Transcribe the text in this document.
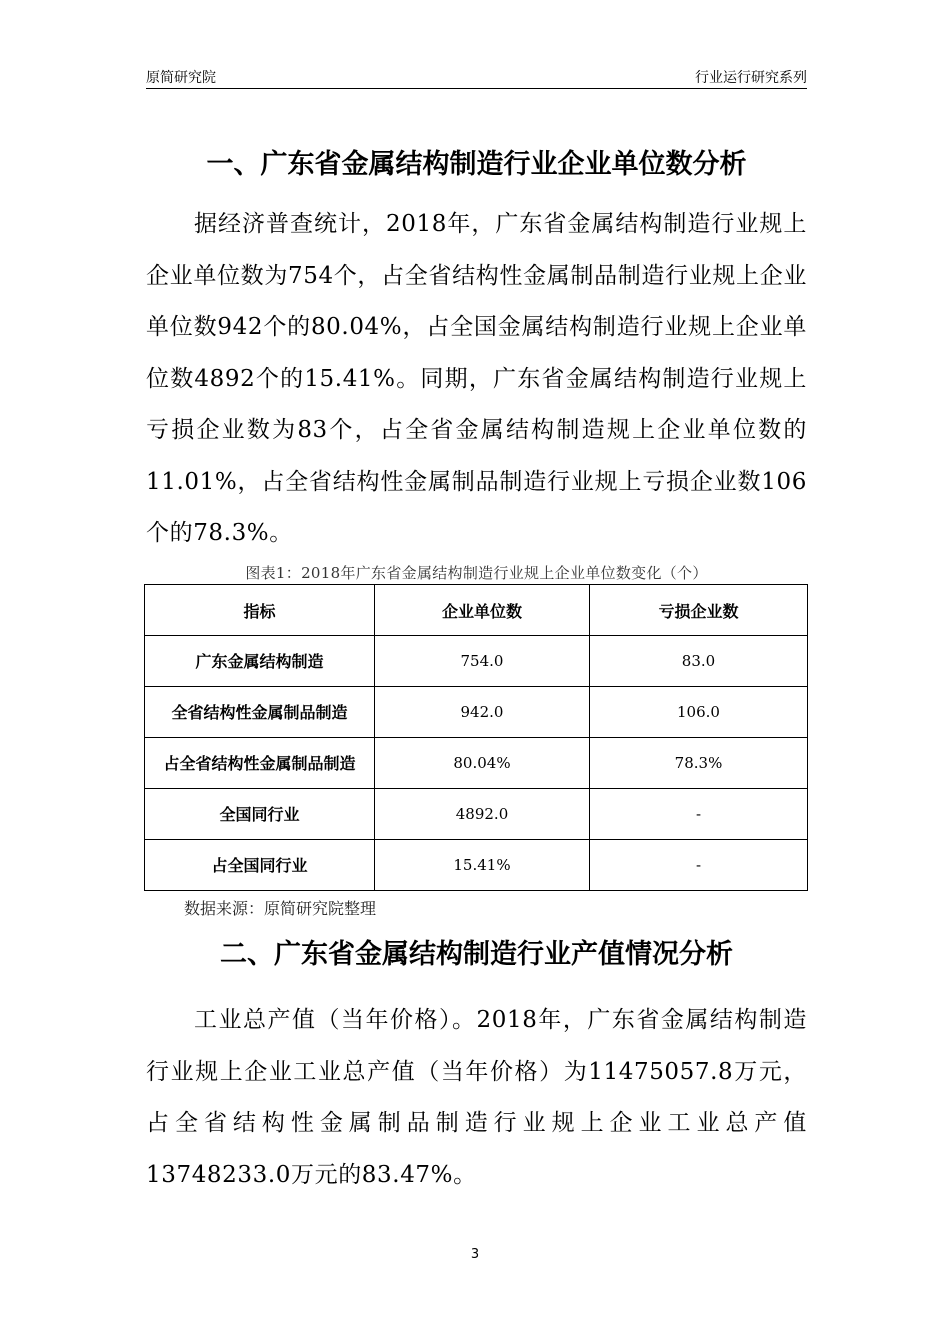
原简研究院	行业运行研究系列
一、广东省金属结构制造行业企业单位数分析

据经济普查统计，2018年，广东省金属结构制造行业规上企业单位数为754个，占全省结构性金属制品制造行业规上企业单位数942个的80.04%，占全国金属结构制造行业规上企业单位数4892个的15.41%。同期，广东省金属结构制造行业规上亏损企业数为83个，占全省金属结构制造规上企业单位数的11.01%，占全省结构性金属制品制造行业规上亏损企业数106个的78.3%。

图表1：2018年广东省金属结构制造行业规上企业单位数变化（个）
指标	企业单位数	亏损企业数
广东金属结构制造	754.0	83.0
全省结构性金属制品制造	942.0	106.0
占全省结构性金属制品制造	80.04%	78.3%
全国同行业	4892.0	-
占全国同行业	15.41%	-
数据来源：原简研究院整理
二、广东省金属结构制造行业产值情况分析

工业总产值（当年价格）。2018年，广东省金属结构制造行业规上企业工业总产值（当年价格）为11475057.8万元，占全省结构性金属制品制造行业规上企业工业总产值13748233.0万元的83.47%。

3
